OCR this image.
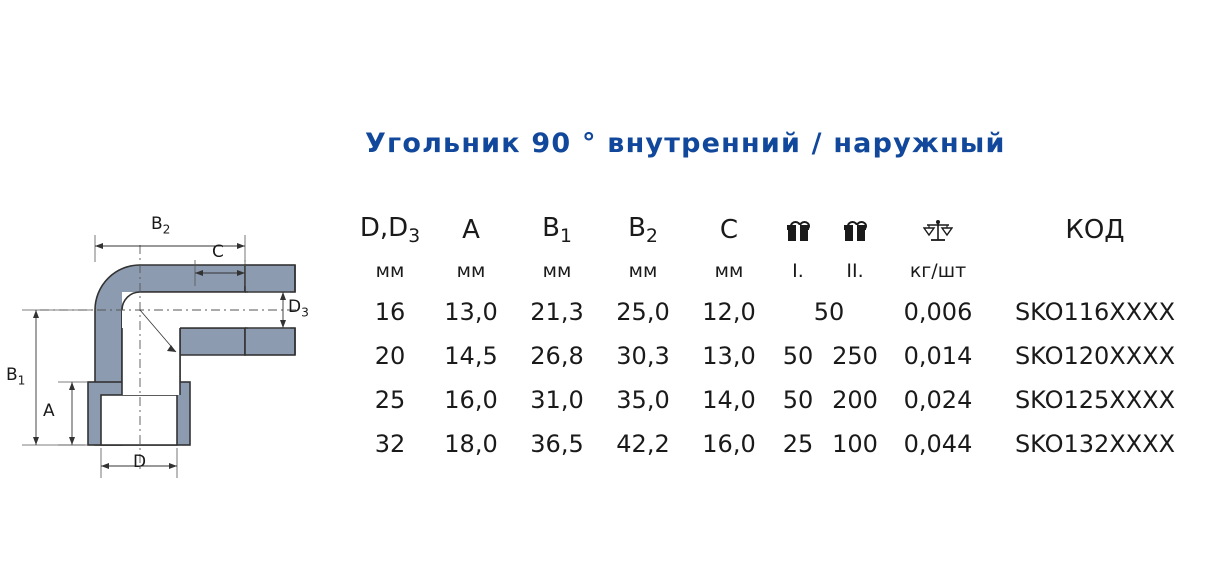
Угольник 90 ° внутренний / наружный
$B_2$
C
$D_3$
$B_1$
A
D
$D,D_3$	A	$B_1$	$B_2$	C				КОД
мм	мм	мм	мм	мм	I.	II.	кг/шт	
16	13,0	21,3	25,0	12,0	50		0,006	SKO116XXXX
20	14,5	26,8	30,3	13,0	50	250	0,014	SKO120XXXX
25	16,0	31,0	35,0	14,0	50	200	0,024	SKO125XXXX
32	18,0	36,5	42,2	16,0	25	100	0,044	SKO132XXXX
